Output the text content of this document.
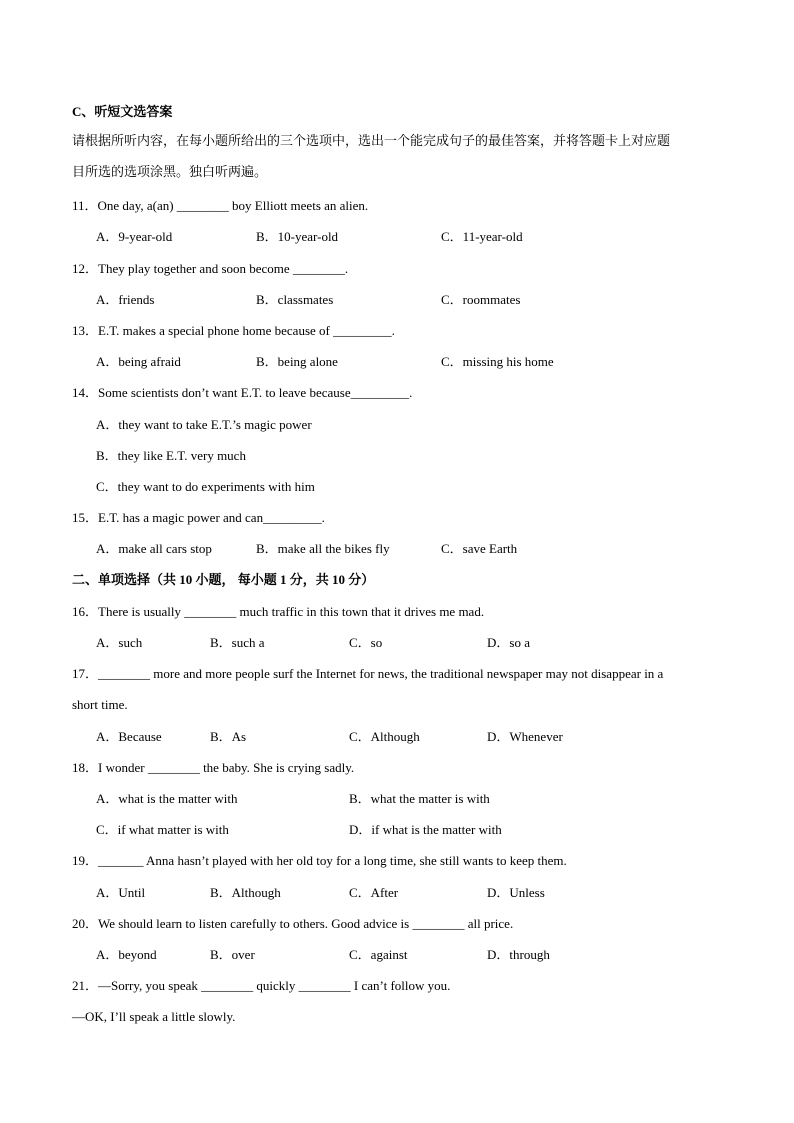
C、听短文选答案
请根据所听内容，在每小题所给出的三个选项中，选出一个能完成句子的最佳答案，并将答题卡上对应题
目所选的选项涂黑。独白听两遍。
11．One day, a(an) ________ boy Elliott meets an alien.
A．9-year-old	B．10-year-old	C．11-year-old
12．They play together and soon become ________.
A．friends	B．classmates	C．roommates
13．E.T. makes a special phone home because of _________.
A．being afraid	B．being alone	C．missing his home
14．Some scientists don’t want E.T. to leave because_________.
A．they want to take E.T.’s magic power
B．they like E.T. very much
C．they want to do experiments with him
15．E.T. has a magic power and can_________.
A．make all cars stop	B．make all the bikes fly	C．save Earth
二、单项选择（共 10 小题， 每小题 1 分，共 10 分）
16．There is usually ________ much traffic in this town that it drives me mad.
A．such	B．such a	C．so	D．so a
17．________ more and more people surf the Internet for news, the traditional newspaper may not disappear in a
short time.
A．Because	B．As	C．Although	D．Whenever
18．I wonder ________ the baby. She is crying sadly.
A．what is the matter with	B．what the matter is with
C．if what matter is with	D．if what is the matter with
19．_______ Anna hasn’t played with her old toy for a long time, she still wants to keep them.
A．Until	B．Although	C．After	D．Unless
20．We should learn to listen carefully to others. Good advice is ________ all price.
A．beyond	B．over	C．against	D．through
21．—Sorry, you speak ________ quickly ________ I can’t follow you.
—OK, I’ll speak a little slowly.
